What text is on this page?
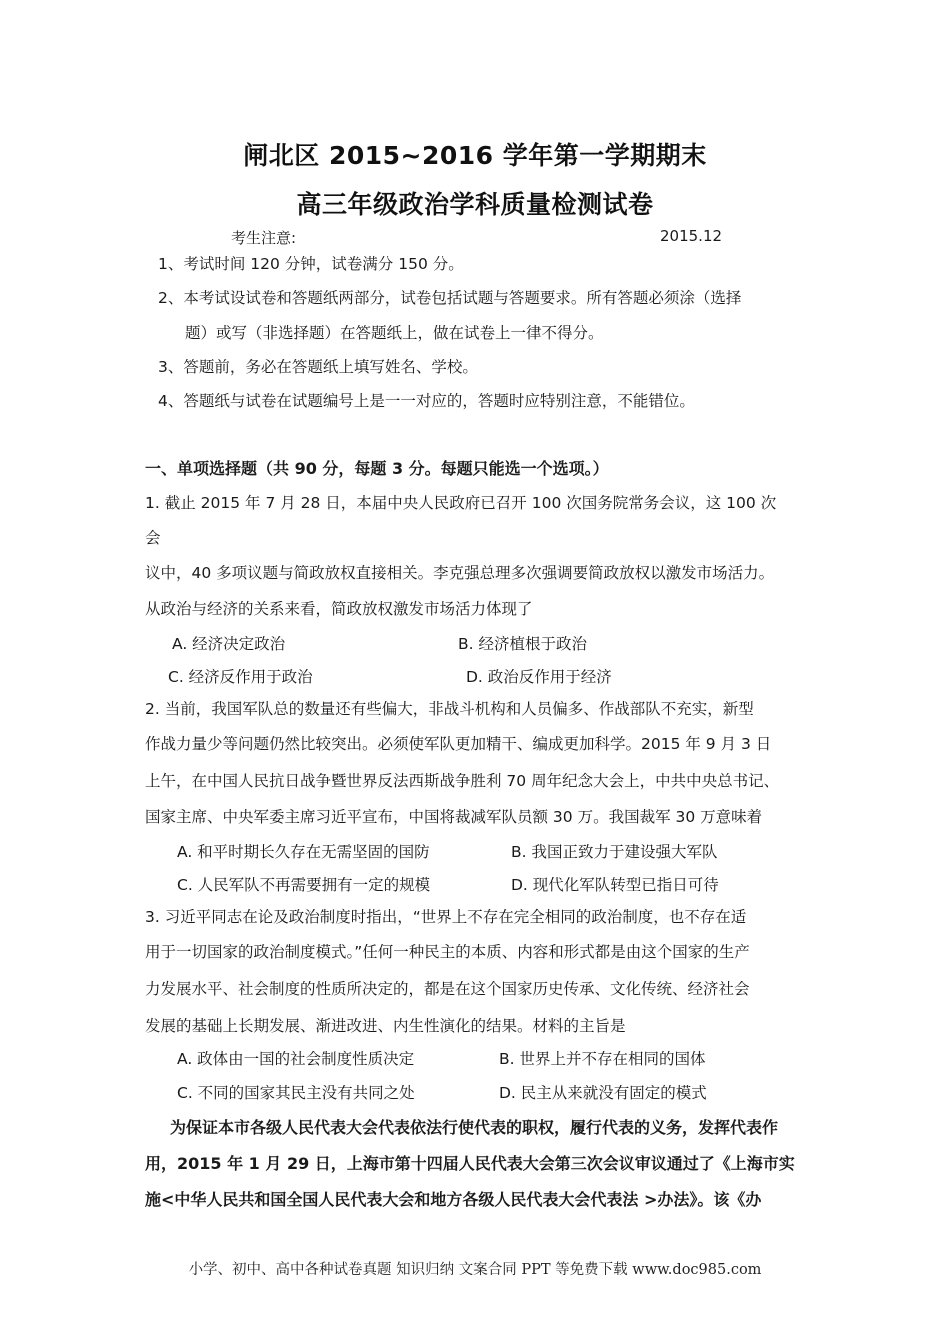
闸北区 2015~2016 学年第一学期期末
高三年级政治学科质量检测试卷
考生注意:	2015.12
1、考试时间 120 分钟，试卷满分 150 分。
2、本考试设试卷和答题纸两部分，试卷包括试题与答题要求。所有答题必须涂（选择
题）或写（非选择题）在答题纸上，做在试卷上一律不得分。
3、答题前，务必在答题纸上填写姓名、学校。
4、答题纸与试卷在试题编号上是一一对应的，答题时应特别注意，不能错位。
一、单项选择题（共 90 分，每题 3 分。每题只能选一个选项。）
1. 截止 2015 年 7 月 28 日，本届中央人民政府已召开 100 次国务院常务会议，这 100 次
会
议中，40 多项议题与简政放权直接相关。李克强总理多次强调要简政放权以激发市场活力。
从政治与经济的关系来看，简政放权激发市场活力体现了
A. 经济决定政治	B. 经济植根于政治
C. 经济反作用于政治	D. 政治反作用于经济
2. 当前，我国军队总的数量还有些偏大，非战斗机构和人员偏多、作战部队不充实，新型
作战力量少等问题仍然比较突出。必须使军队更加精干、编成更加科学。2015 年 9 月 3 日
上午，在中国人民抗日战争暨世界反法西斯战争胜利 70 周年纪念大会上，中共中央总书记、
国家主席、中央军委主席习近平宣布，中国将裁减军队员额 30 万。我国裁军 30 万意味着
A. 和平时期长久存在无需坚固的国防	B. 我国正致力于建设强大军队
C. 人民军队不再需要拥有一定的规模	D. 现代化军队转型已指日可待
3. 习近平同志在论及政治制度时指出，“世界上不存在完全相同的政治制度，也不存在适
用于一切国家的政治制度模式。”任何一种民主的本质、内容和形式都是由这个国家的生产
力发展水平、社会制度的性质所决定的，都是在这个国家历史传承、文化传统、经济社会
发展的基础上长期发展、渐进改进、内生性演化的结果。材料的主旨是
A. 政体由一国的社会制度性质决定	B. 世界上并不存在相同的国体
C. 不同的国家其民主没有共同之处	D. 民主从来就没有固定的模式
为保证本市各级人民代表大会代表依法行使代表的职权，履行代表的义务，发挥代表作
用，2015 年 1 月 29 日，上海市第十四届人民代表大会第三次会议审议通过了《上海市实
施<中华人民共和国全国人民代表大会和地方各级人民代表大会代表法 >办法》。该《办
小学、初中、高中各种试卷真题 知识归纳 文案合同 PPT 等免费下载 www.doc985.com
